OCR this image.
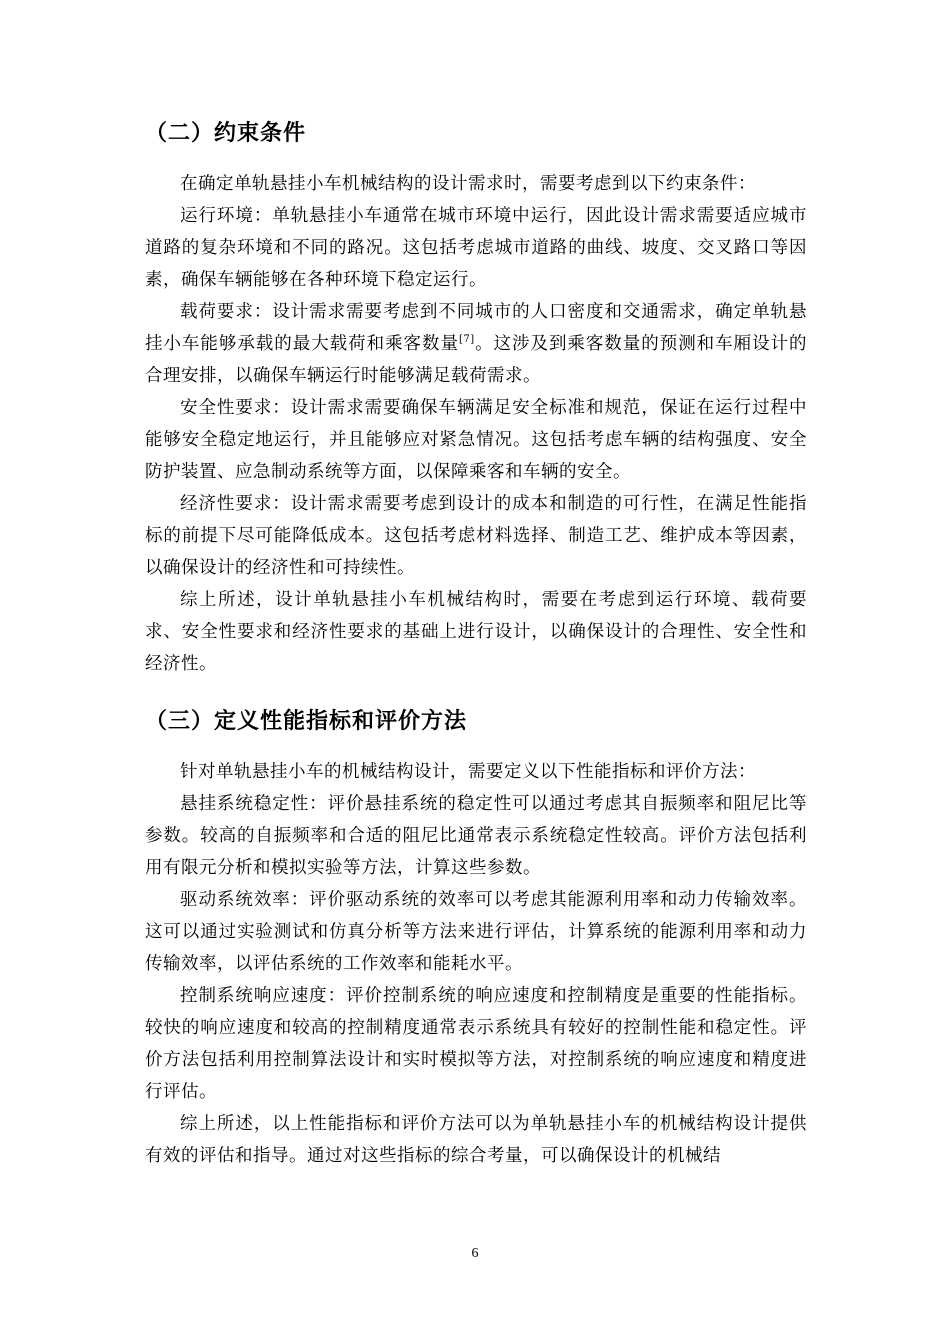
（二）约束条件

在确定单轨悬挂小车机械结构的设计需求时，需要考虑到以下约束条件：

运行环境：单轨悬挂小车通常在城市环境中运行，因此设计需求需要适应城市道路的复杂环境和不同的路况。这包括考虑城市道路的曲线、坡度、交叉路口等因素，确保车辆能够在各种环境下稳定运行。

载荷要求：设计需求需要考虑到不同城市的人口密度和交通需求，确定单轨悬挂小车能够承载的最大载荷和乘客数量[7]。这涉及到乘客数量的预测和车厢设计的合理安排，以确保车辆运行时能够满足载荷需求。

安全性要求：设计需求需要确保车辆满足安全标准和规范，保证在运行过程中能够安全稳定地运行，并且能够应对紧急情况。这包括考虑车辆的结构强度、安全防护装置、应急制动系统等方面，以保障乘客和车辆的安全。

经济性要求：设计需求需要考虑到设计的成本和制造的可行性，在满足性能指标的前提下尽可能降低成本。这包括考虑材料选择、制造工艺、维护成本等因素，以确保设计的经济性和可持续性。

综上所述，设计单轨悬挂小车机械结构时，需要在考虑到运行环境、载荷要求、安全性要求和经济性要求的基础上进行设计，以确保设计的合理性、安全性和经济性。

（三）定义性能指标和评价方法

针对单轨悬挂小车的机械结构设计，需要定义以下性能指标和评价方法：

悬挂系统稳定性：评价悬挂系统的稳定性可以通过考虑其自振频率和阻尼比等参数。较高的自振频率和合适的阻尼比通常表示系统稳定性较高。评价方法包括利用有限元分析和模拟实验等方法，计算这些参数。

驱动系统效率：评价驱动系统的效率可以考虑其能源利用率和动力传输效率。这可以通过实验测试和仿真分析等方法来进行评估，计算系统的能源利用率和动力传输效率，以评估系统的工作效率和能耗水平。

控制系统响应速度：评价控制系统的响应速度和控制精度是重要的性能指标。较快的响应速度和较高的控制精度通常表示系统具有较好的控制性能和稳定性。评价方法包括利用控制算法设计和实时模拟等方法，对控制系统的响应速度和精度进行评估。

综上所述，以上性能指标和评价方法可以为单轨悬挂小车的机械结构设计提供有效的评估和指导。通过对这些指标的综合考量，可以确保设计的机械结

6
